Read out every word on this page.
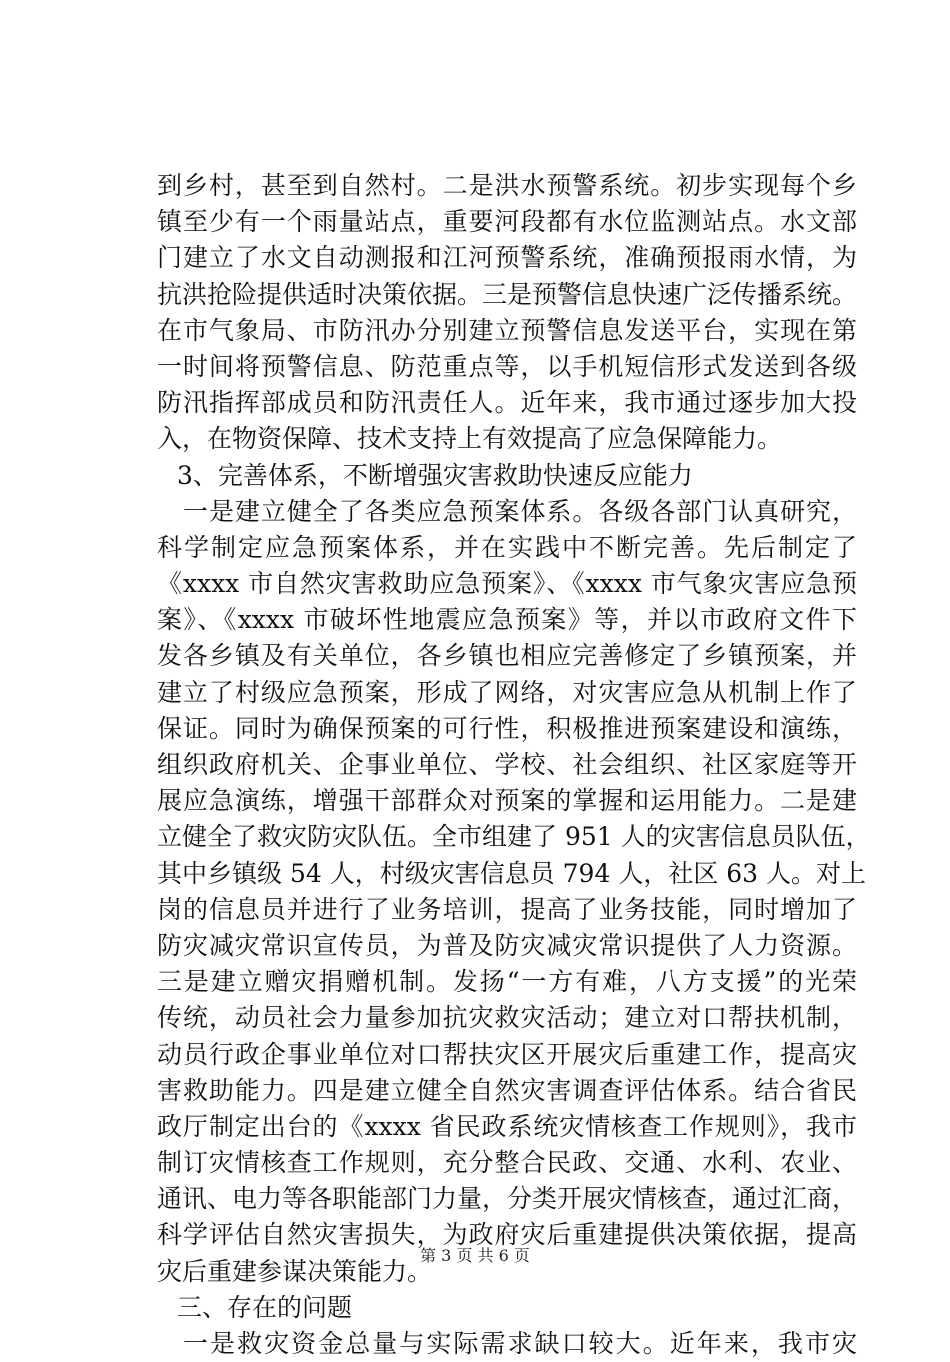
到乡村，甚至到自然村。二是洪水预警系统。初步实现每个乡
镇至少有一个雨量站点，重要河段都有水位监测站点。水文部
门建立了水文自动测报和江河预警系统，准确预报雨水情，为
抗洪抢险提供适时决策依据。三是预警信息快速广泛传播系统。
在市气象局、市防汛办分别建立预警信息发送平台，实现在第
一时间将预警信息、防范重点等，以手机短信形式发送到各级
防汛指挥部成员和防汛责任人。近年来，我市通过逐步加大投
入，在物资保障、技术支持上有效提高了应急保障能力。
3、完善体系，不断增强灾害救助快速反应能力
一是建立健全了各类应急预案体系。各级各部门认真研究，
科学制定应急预案体系，并在实践中不断完善。先后制定了
《xxxx 市自然灾害救助应急预案》、《xxxx 市气象灾害应急预
案》、《xxxx 市破坏性地震应急预案》等，并以市政府文件下
发各乡镇及有关单位，各乡镇也相应完善修定了乡镇预案，并
建立了村级应急预案，形成了网络，对灾害应急从机制上作了
保证。同时为确保预案的可行性，积极推进预案建设和演练，
组织政府机关、企事业单位、学校、社会组织、社区家庭等开
展应急演练，增强干部群众对预案的掌握和运用能力。二是建
立健全了救灾防灾队伍。全市组建了 951 人的灾害信息员队伍，
其中乡镇级 54 人，村级灾害信息员 794 人，社区 63 人。对上
岗的信息员并进行了业务培训，提高了业务技能，同时增加了
防灾减灾常识宣传员，为普及防灾减灾常识提供了人力资源。
三是建立赠灾捐赠机制。发扬“一方有难，八方支援”的光荣
传统，动员社会力量参加抗灾救灾活动；建立对口帮扶机制，
动员行政企事业单位对口帮扶灾区开展灾后重建工作，提高灾
害救助能力。四是建立健全自然灾害调查评估体系。结合省民
政厅制定出台的《xxxx 省民政系统灾情核查工作规则》，我市
制订灾情核查工作规则，充分整合民政、交通、水利、农业、
通讯、电力等各职能部门力量，分类开展灾情核查，通过汇商，
科学评估自然灾害损失，为政府灾后重建提供决策依据，提高
灾后重建参谋决策能力。
三、存在的问题
一是救灾资金总量与实际需求缺口较大。近年来，我市灾
第 3 页 共 6 页
